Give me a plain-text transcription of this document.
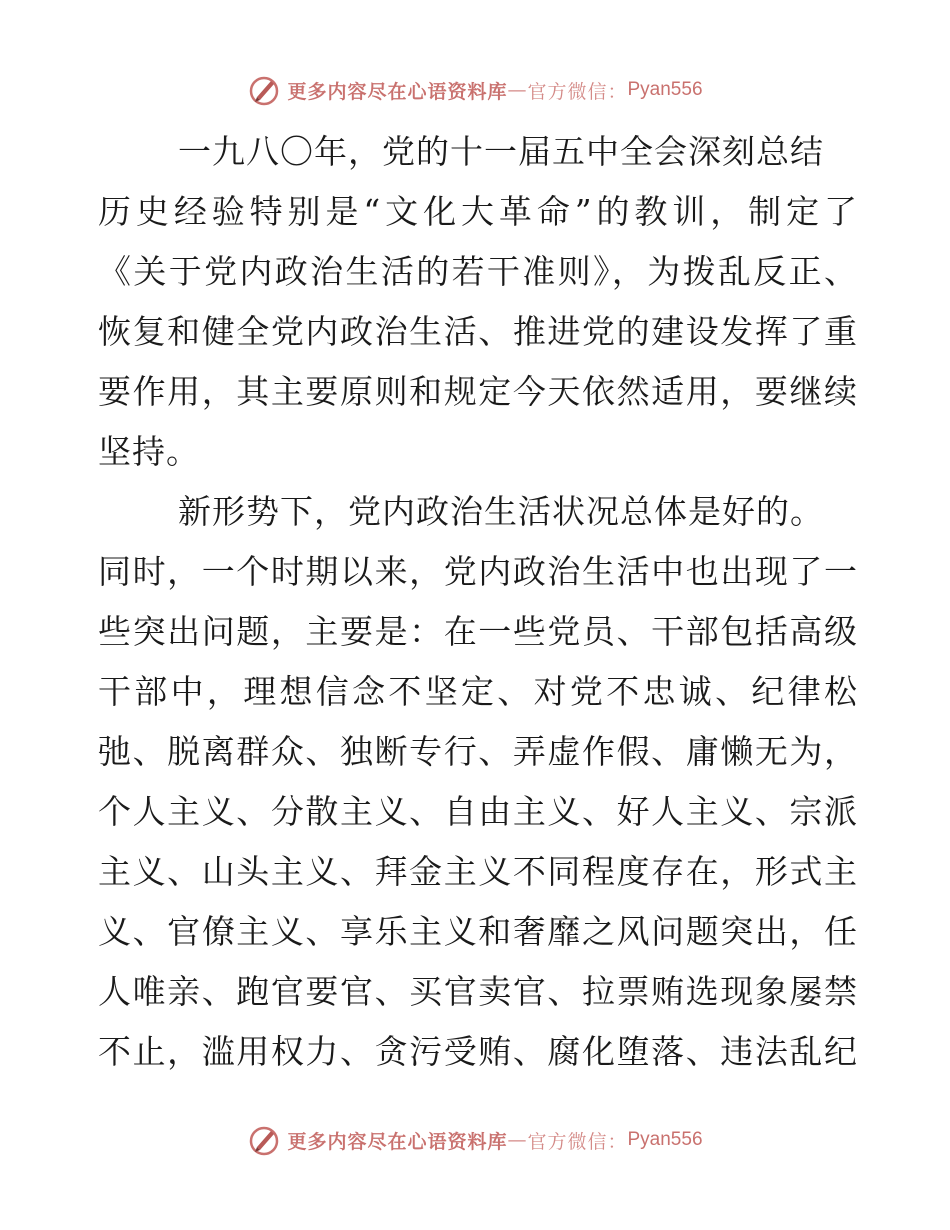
更多内容尽在心语资料库 — 官方微信： Pyan556
一九八〇年，党的十一届五中全会深刻总结
历史经验特别是“文化大革命”的教训，制定了
《关于党内政治生活的若干准则》，为拨乱反正、
恢复和健全党内政治生活、推进党的建设发挥了重
要作用，其主要原则和规定今天依然适用，要继续
坚持。
新形势下，党内政治生活状况总体是好的。
同时，一个时期以来，党内政治生活中也出现了一
些突出问题，主要是：在一些党员、干部包括高级
干部中，理想信念不坚定、对党不忠诚、纪律松
弛、脱离群众、独断专行、弄虚作假、庸懒无为，
个人主义、分散主义、自由主义、好人主义、宗派
主义、山头主义、拜金主义不同程度存在，形式主
义、官僚主义、享乐主义和奢靡之风问题突出，任
人唯亲、跑官要官、买官卖官、拉票贿选现象屡禁
不止，滥用权力、贪污受贿、腐化堕落、违法乱纪
更多内容尽在心语资料库 — 官方微信： Pyan556
